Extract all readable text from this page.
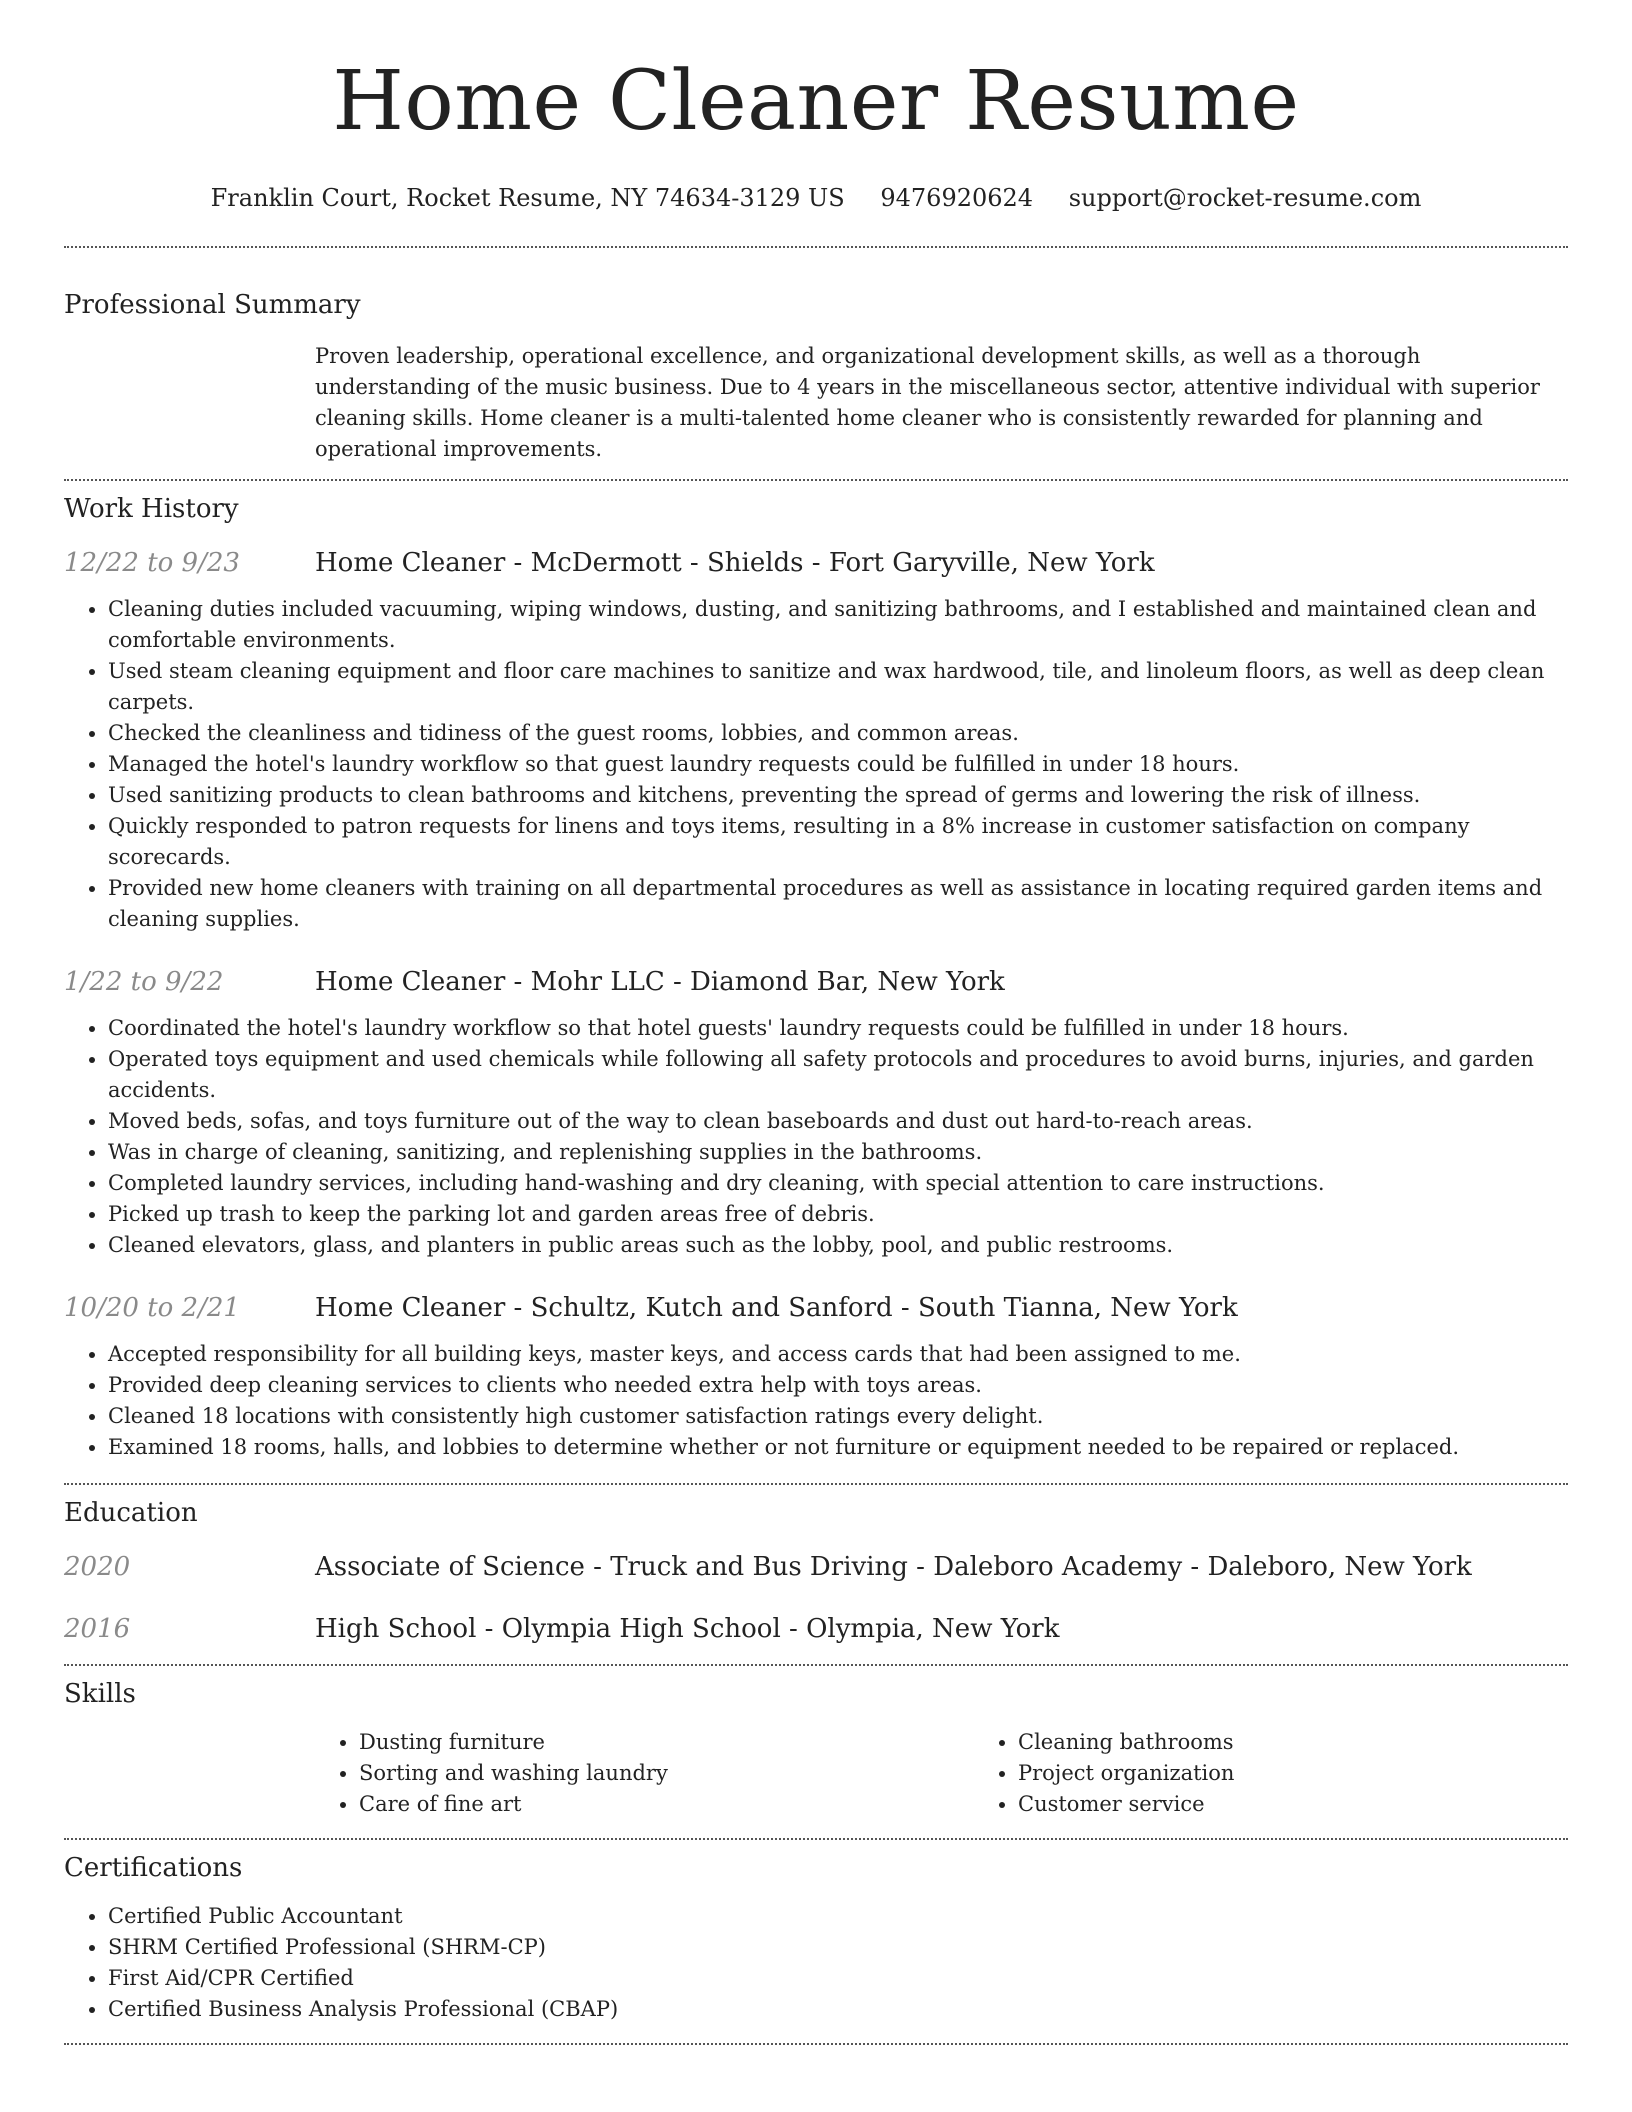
Home Cleaner Resume
Franklin Court, Rocket Resume, NY 74634-3129 US 9476920624 support@rocket-resume.com
Professional Summary
Proven leadership, operational excellence, and organizational development skills, as well as a thorough understanding of the music business. Due to 4 years in the miscellaneous sector, attentive individual with superior cleaning skills. Home cleaner is a multi-talented home cleaner who is consistently rewarded for planning and operational improvements.
Work History
12/22 to 9/23	Home Cleaner - McDermott - Shields - Fort Garyville, New York
• Cleaning duties included vacuuming, wiping windows, dusting, and sanitizing bathrooms, and I established and maintained clean and comfortable environments.
• Used steam cleaning equipment and floor care machines to sanitize and wax hardwood, tile, and linoleum floors, as well as deep clean carpets.
• Checked the cleanliness and tidiness of the guest rooms, lobbies, and common areas.
• Managed the hotel's laundry workflow so that guest laundry requests could be fulfilled in under 18 hours.
• Used sanitizing products to clean bathrooms and kitchens, preventing the spread of germs and lowering the risk of illness.
• Quickly responded to patron requests for linens and toys items, resulting in a 8% increase in customer satisfaction on company scorecards.
• Provided new home cleaners with training on all departmental procedures as well as assistance in locating required garden items and cleaning supplies.
1/22 to 9/22	Home Cleaner - Mohr LLC - Diamond Bar, New York
• Coordinated the hotel's laundry workflow so that hotel guests' laundry requests could be fulfilled in under 18 hours.
• Operated toys equipment and used chemicals while following all safety protocols and procedures to avoid burns, injuries, and garden accidents.
• Moved beds, sofas, and toys furniture out of the way to clean baseboards and dust out hard-to-reach areas.
• Was in charge of cleaning, sanitizing, and replenishing supplies in the bathrooms.
• Completed laundry services, including hand-washing and dry cleaning, with special attention to care instructions.
• Picked up trash to keep the parking lot and garden areas free of debris.
• Cleaned elevators, glass, and planters in public areas such as the lobby, pool, and public restrooms.
10/20 to 2/21	Home Cleaner - Schultz, Kutch and Sanford - South Tianna, New York
• Accepted responsibility for all building keys, master keys, and access cards that had been assigned to me.
• Provided deep cleaning services to clients who needed extra help with toys areas.
• Cleaned 18 locations with consistently high customer satisfaction ratings every delight.
• Examined 18 rooms, halls, and lobbies to determine whether or not furniture or equipment needed to be repaired or replaced.
Education
2020	Associate of Science - Truck and Bus Driving - Daleboro Academy - Daleboro, New York
2016	High School - Olympia High School - Olympia, New York
Skills
• Dusting furniture
• Sorting and washing laundry
• Care of fine art
• Cleaning bathrooms
• Project organization
• Customer service
Certifications
• Certified Public Accountant
• SHRM Certified Professional (SHRM-CP)
• First Aid/CPR Certified
• Certified Business Analysis Professional (CBAP)
